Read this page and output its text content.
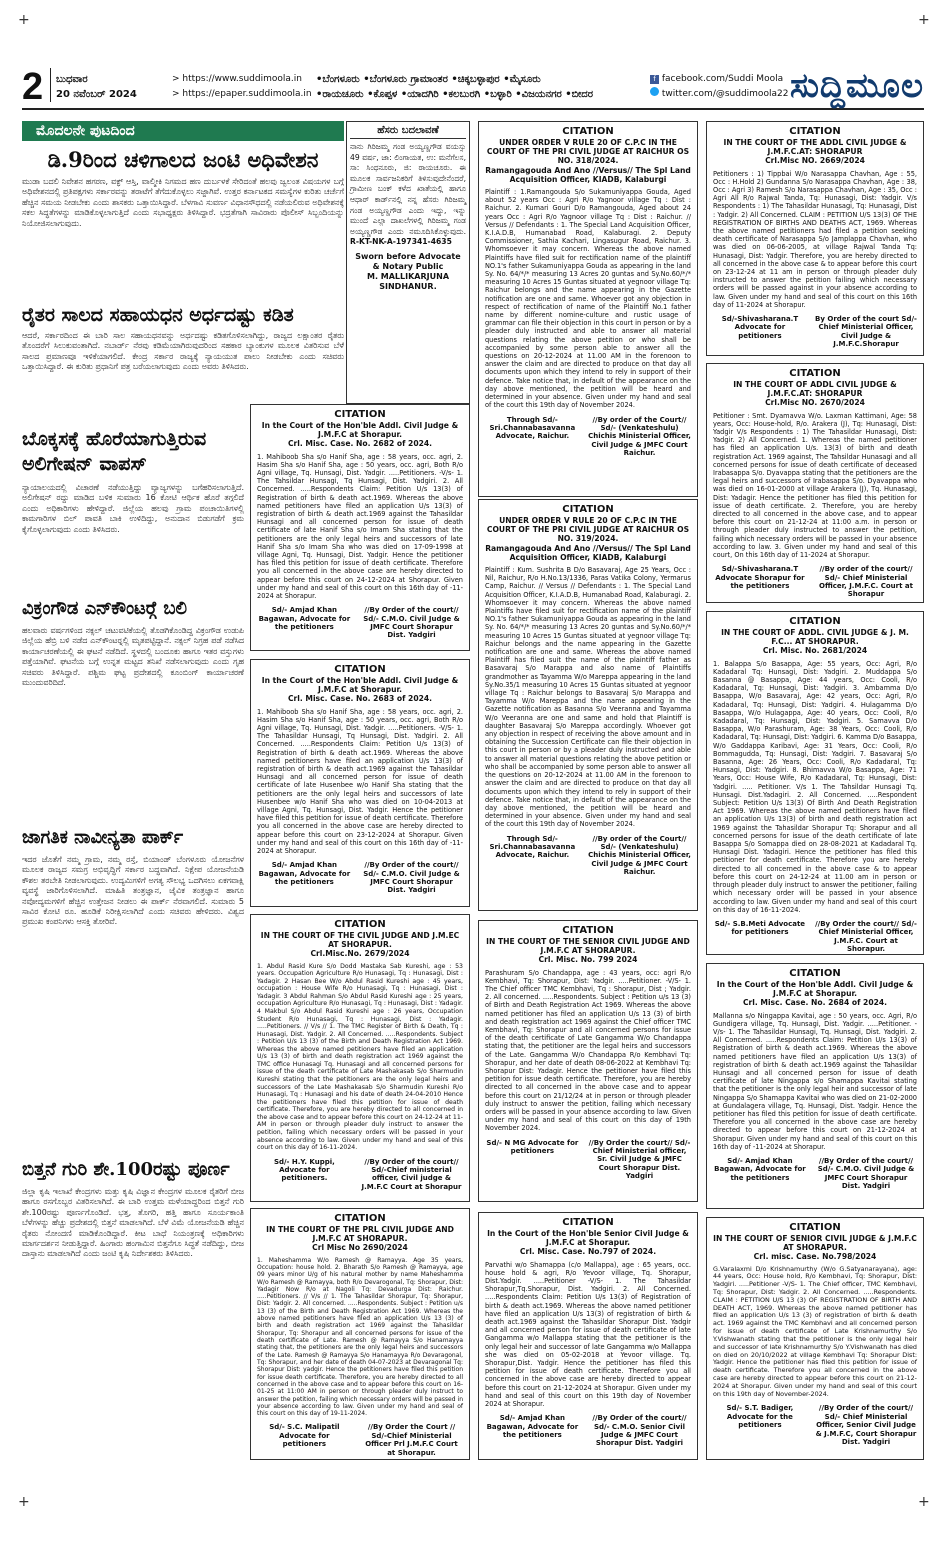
+	+
+	+
2 ಬುಧವಾರ
20 ನವೆಂಬರ್ 2024
> https://www.suddimoola.in
> https://epaper.suddimoola.in
•ಬೆಂಗಳೂರು •ಬೆಂಗಳೂರು ಗ್ರಾಮಾಂತರ •ಚಿಕ್ಕಬಳ್ಳಾಪುರ •ಮೈಸೂರು
•ರಾಯಚೂರು •ಕೊಪ್ಪಳ •ಯಾದಗಿರಿ •ಕಲಬುರಗಿ •ಬಳ್ಳಾರಿ •ವಿಜಯನಗರ •ಬೀದರ
f facebook.com/Suddi Moola
twitter.com/@suddimoola22 ಸುದ್ದಿಮೂಲ
ಮೊದಲನೇ ಪುಟದಿಂದ
ಡಿ.9ರಿಂದ ಚಳಿಗಾಲದ ಜಂಟಿ ಅಧಿವೇಶನ
ಮುಡಾ ಬದಲಿ ನಿವೇಶನ ಹಗರಣ, ವಕ್ಫ್ ಆಸ್ತಿ, ವಾಲ್ಮೀಕಿ ನಿಗಮದ ಹಣ ದುರ್ಬಳಕೆ ಸೇರಿದಂತೆ ಹಲವು ಜ್ವಲಂತ ವಿಷಯಗಳ ಬಗ್ಗೆ ಅಧಿವೇಶನದಲ್ಲಿ ಪ್ರತಿಪಕ್ಷಗಳು ಸರ್ಕಾರವನ್ನು ತರಾಟೆಗೆ ತೆಗೆದುಕೊಳ್ಳಲು ಸಜ್ಜಾಗಿವೆ. ಉತ್ತರ ಕರ್ನಾಟಕದ ಸಮಸ್ಯೆಗಳ ಕುರಿತು ಚರ್ಚೆಗೆ ಹೆಚ್ಚಿನ ಸಮಯ ನೀಡಬೇಕು ಎಂದು ಶಾಸಕರು ಒತ್ತಾಯಿಸಿದ್ದಾರೆ. ಬೆಳಗಾವಿ ಸುವರ್ಣ ವಿಧಾನಸೌಧದಲ್ಲಿ ನಡೆಯಲಿರುವ ಅಧಿವೇಶನಕ್ಕೆ ಸಕಲ ಸಿದ್ಧತೆಗಳನ್ನು ಮಾಡಿಕೊಳ್ಳಲಾಗುತ್ತಿದೆ ಎಂದು ಸಭಾಧ್ಯಕ್ಷರು ತಿಳಿಸಿದ್ದಾರೆ. ಭದ್ರತೆಗಾಗಿ ಸಾವಿರಾರು ಪೊಲೀಸ್ ಸಿಬ್ಬಂದಿಯನ್ನು ನಿಯೋಜಿಸಲಾಗುವುದು.
ರೈತರ ಸಾಲದ ಸಹಾಯಧನ ಅರ್ಧದಷ್ಟು ಕಡಿತ
ಆದರೆ, ಸರ್ಕಾರದಿಂದ ಈ ಬಾರಿ ಸಾಲ ಸಹಾಯಧನವನ್ನು ಅರ್ಧದಷ್ಟು ಕಡಿತಗೊಳಿಸಲಾಗಿದ್ದು, ರಾಜ್ಯದ ಲಕ್ಷಾಂತರ ರೈತರು ತೊಂದರೆಗೆ ಸಿಲುಕುವಂತಾಗಿದೆ. ನಬಾರ್ಡ್ ನೆರವು ಕಡಿಮೆಯಾಗಿರುವುದರಿಂದ ಸಹಕಾರ ಬ್ಯಾಂಕುಗಳ ಮೂಲಕ ವಿತರಿಸುವ ಬೆಳೆ ಸಾಲದ ಪ್ರಮಾಣವೂ ಇಳಿಕೆಯಾಗಲಿದೆ. ಕೇಂದ್ರ ಸರ್ಕಾರ ರಾಜ್ಯಕ್ಕೆ ನ್ಯಾಯಯುತ ಪಾಲು ನೀಡಬೇಕು ಎಂದು ಸಚಿವರು ಒತ್ತಾಯಿಸಿದ್ದಾರೆ. ಈ ಕುರಿತು ಪ್ರಧಾನಿಗೆ ಪತ್ರ ಬರೆಯಲಾಗುವುದು ಎಂದು ಅವರು ತಿಳಿಸಿದರು.
ಬೊಕ್ಕಸಕ್ಕೆ ಹೊರೆಯಾಗುತ್ತಿರುವ ಅಲಿಗೇಷನ್ ವಾಪಸ್
ನ್ಯಾಯಾಲಯದಲ್ಲಿ ವಿಚಾರಣೆ ನಡೆಯುತ್ತಿದ್ದು ವ್ಯಾಜ್ಯಗಳನ್ನು ಬಗೆಹರಿಸಲಾಗುತ್ತಿದೆ. ಅಲಿಗೇಷನ್ ರದ್ದು ಮಾಡಿದ ಬಳಿಕ ಸುಮಾರು 16 ಕೋಟಿ ಆರ್ಥಿಕ ಹೊರೆ ತಗ್ಗಲಿದೆ ಎಂದು ಅಧಿಕಾರಿಗಳು ಹೇಳಿದ್ದಾರೆ. ಜಿಲ್ಲೆಯ ಹಲವು ಗ್ರಾಮ ಪಂಚಾಯಿತಿಗಳಲ್ಲಿ ಕಾಮಗಾರಿಗಳ ಬಿಲ್ ಪಾವತಿ ಬಾಕಿ ಉಳಿದಿದ್ದು, ಅನುದಾನ ಬಿಡುಗಡೆಗೆ ಕ್ರಮ ಕೈಗೊಳ್ಳಲಾಗುವುದು ಎಂದು ತಿಳಿಸಿದರು.
ವಿಕ್ರಂಗೌಡ ಎನ್‍ಕೌಂಟರ್‍ಗೆ ಬಲಿ
ಹಲವಾರು ವರ್ಷಗಳಿಂದ ನಕ್ಸಲ್ ಚಟುವಟಿಕೆಯಲ್ಲಿ ತೊಡಗಿಕೊಂಡಿದ್ದ ವಿಕ್ರಂಗೌಡ ಉಡುಪಿ ಜಿಲ್ಲೆಯ ಹೆಬ್ರಿ ಬಳಿ ನಡೆದ ಎನ್‍ಕೌಂಟರ್‍ನಲ್ಲಿ ಮೃತಪಟ್ಟಿದ್ದಾನೆ. ನಕ್ಸಲ್ ನಿಗ್ರಹ ಪಡೆ ನಡೆಸಿದ ಕಾರ್ಯಾಚರಣೆಯಲ್ಲಿ ಈ ಘಟನೆ ನಡೆದಿದೆ. ಸ್ಥಳದಲ್ಲಿ ಬಂದೂಕು ಹಾಗೂ ಇತರ ವಸ್ತುಗಳು ಪತ್ತೆಯಾಗಿವೆ. ಘಟನೆಯ ಬಗ್ಗೆ ಉನ್ನತ ಮಟ್ಟದ ತನಿಖೆ ನಡೆಸಲಾಗುವುದು ಎಂದು ಗೃಹ ಸಚಿವರು ತಿಳಿಸಿದ್ದಾರೆ. ಪಶ್ಚಿಮ ಘಟ್ಟ ಪ್ರದೇಶದಲ್ಲಿ ಕೂಂಬಿಂಗ್ ಕಾರ್ಯಾಚರಣೆ ಮುಂದುವರಿದಿದೆ.
ಜಾಗತಿಕ ನಾವೀನ್ಯತಾ ಪಾರ್ಕ್
ಇದರ ಜೊತೆಗೆ ನಮ್ಮ ಗ್ರಾಮ, ನಮ್ಮ ರಸ್ತೆ, ಬಿಯಾಂಡ್ ಬೆಂಗಳೂರು ಯೋಜನೆಗಳ ಮೂಲಕ ರಾಜ್ಯದ ಸಮಗ್ರ ಅಭಿವೃದ್ಧಿಗೆ ಸರ್ಕಾರ ಬದ್ಧವಾಗಿದೆ. ನಿಕ್ಷೇಪ ಯೋಜನೆಯಡಿ ಕೌಶಲ ತರಬೇತಿ ನೀಡಲಾಗುವುದು. ಉದ್ಯಮಿಗಳಿಗೆ ಅಗತ್ಯ ಸೌಲಭ್ಯ ಒದಗಿಸಲು ಏಕಗವಾಕ್ಷಿ ವ್ಯವಸ್ಥೆ ಜಾರಿಗೊಳಿಸಲಾಗಿದೆ. ಮಾಹಿತಿ ತಂತ್ರಜ್ಞಾನ, ಜೈವಿಕ ತಂತ್ರಜ್ಞಾನ ಹಾಗೂ ನವೋದ್ಯಮಗಳಿಗೆ ಹೆಚ್ಚಿನ ಉತ್ತೇಜನ ನೀಡಲು ಈ ಪಾರ್ಕ್ ನೆರವಾಗಲಿದೆ. ಸುಮಾರು 5 ಸಾವಿರ ಕೋಟಿ ರೂ. ಹೂಡಿಕೆ ನಿರೀಕ್ಷಿಸಲಾಗಿದೆ ಎಂದು ಸಚಿವರು ಹೇಳಿದರು. ವಿಶ್ವದ ಪ್ರಮುಖ ಕಂಪನಿಗಳು ಆಸಕ್ತಿ ತೋರಿವೆ.
ಬಿತ್ತನೆ ಗುರಿ ಶೇ.100ರಷ್ಟು ಪೂರ್ಣ
ಜಿಲ್ಲಾ ಕೃಷಿ ಇಲಾಖೆ ಕೇಂದ್ರಗಳು ಮತ್ತು ಕೃಷಿ ವಿಜ್ಞಾನ ಕೇಂದ್ರಗಳ ಮೂಲಕ ರೈತರಿಗೆ ಬೀಜ ಹಾಗೂ ರಸಗೊಬ್ಬರ ವಿತರಿಸಲಾಗಿದೆ. ಈ ಬಾರಿ ಉತ್ತಮ ಮಳೆಯಾದ್ದರಿಂದ ಬಿತ್ತನೆ ಗುರಿ ಶೇ.100ರಷ್ಟು ಪೂರ್ಣಗೊಂಡಿದೆ. ಭತ್ತ, ತೊಗರಿ, ಹತ್ತಿ ಹಾಗೂ ಸೂರ್ಯಕಾಂತಿ ಬೆಳೆಗಳನ್ನು ಹೆಚ್ಚು ಪ್ರದೇಶದಲ್ಲಿ ಬಿತ್ತನೆ ಮಾಡಲಾಗಿದೆ. ಬೆಳೆ ವಿಮೆ ಯೋಜನೆಯಡಿ ಹೆಚ್ಚಿನ ರೈತರು ನೋಂದಣಿ ಮಾಡಿಕೊಂಡಿದ್ದಾರೆ. ಕೀಟ ಬಾಧೆ ನಿಯಂತ್ರಣಕ್ಕೆ ಅಧಿಕಾರಿಗಳು ಮಾರ್ಗದರ್ಶನ ನೀಡುತ್ತಿದ್ದಾರೆ. ಹಿಂಗಾರು ಹಂಗಾಮಿನ ಬಿತ್ತನೆಗೂ ಸಿದ್ಧತೆ ನಡೆದಿದ್ದು, ಬೀಜ ದಾಸ್ತಾನು ಮಾಡಲಾಗಿದೆ ಎಂದು ಜಂಟಿ ಕೃಷಿ ನಿರ್ದೇಶಕರು ತಿಳಿಸಿದರು.
ಹೆಸರು ಬದಲಾವಣೆ
ನಾನು ಗಿರಿಜಮ್ಮ ಗಂಡ ಅಯ್ಯಣ್ಣಗೌಡ ವಯಸ್ಸು 49 ವರ್ಷ, ಜಾ: ಲಿಂಗಾಯತ, ಉ: ಮನೆಗೆಲಸ, ಸಾ: ಸಿಂಧನೂರು, ಜಿ: ರಾಯಚೂರು. ಈ ಮೂಲಕ ಸಾರ್ವಜನಿಕರಿಗೆ ತಿಳಿಸುವುದೇನೆಂದರೆ, ಗ್ರಾಮೀಣ ಬಂಕ್ ಕಳೆದ ಖಾತೆಯಲ್ಲಿ ಹಾಗೂ ಆಧಾರ್ ಕಾರ್ಡ್‌ನಲ್ಲಿ ನನ್ನ ಹೆಸರು ಗಿರಿಜಮ್ಮ ಗಂಡ ಅಯ್ಯಣ್ಣಗೌಡ ಎಂದು ಇದ್ದು, ಇನ್ನು ಮುಂದೆ ಎಲ್ಲಾ ದಾಖಲೆಗಳಲ್ಲಿ ಗಿರಿಜಮ್ಮ ಗಂಡ ಅಯ್ಯಣ್ಣಗೌಡ ಎಂದು ನಮೂದಿಸಿಕೊಳ್ಳುವುದು. R-KT-NK-A-197341-4635
Sworn before Advocate
& Notary Public
M. MALLIKARJUNA
SINDHANUR.
CITATION
In the Court of the Hon'ble Addl. Civil Judge & J.M.F.C at Shorapur.
Crl. Misc. Case. No. 2682 of 2024.
1. Mahiboob Sha s/o Hanif Sha, age : 58 years, occ. agri, 2. Hasim Sha s/o Hanif Sha, age : 50 years, occ. agri, Both R/o Agni village, Tq. Hunsagi, Dist. Yadgir. .....Petitioners. -V/s- 1. The Tahsildar Hunsagi, Tq Hunsagi, Dist. Yadgiri. 2. All Concerned. .....Respondents Claim: Petition U/s 13(3) of Registration of birth & death act.1969. Whereas the above named petitioners have filed an application U/s 13(3) of registration of birth & death act.1969 against the Tahasildar Hunsagi and all concerned person for issue of death certificate of late Hanif Sha s/o Imam Sha stating that the petitioners are the only legal heirs and successors of late Hanif Sha s/o Imam Sha who was died on 17-09-1998 at village Agni, Tq. Hunsagi, Dist. Yadgir. Hence the petitioner has filed this petition for issue of death certificate. Therefore you all concerned in the above case are hereby directed to appear before this court on 24-12-2024 at Shorapur. Given under my hand and seal of this court on this 16th day of -11-2024 at Shorapur.
Sd/- Amjad Khan Bagawan, Advocate for the petitioners
//By Order of the court// Sd/- C.M.O. Civil Judge & JMFC Court Shorapur Dist. Yadgiri
CITATION
In the Court of the Hon'ble Addl. Civil Judge & J.M.F.C at Shorapur.
Crl. Misc. Case. No. 2683 of 2024.
1. Mahiboob Sha s/o Hanif Sha, age : 58 years, occ. agri, 2. Hasim Sha s/o Hanif Sha, age : 50 years, occ. agri, Both R/o Agni village, Tq. Hunsagi, Dist. Yadgir. .....Petitioners. -V/S- 1. The Tahasildar Hunsagi, Tq Hunsagi, Dist. Yadgiri. 2. All Concerned. .....Respondents Claim: Petition U/s 13(3) of Registration of birth & death act.1969. Whereas the above named petitioners have filed an application U/s 13(3) of registration of birth & death act.1969 against the Tahasildar Hunsagi and all concerned person for issue of death certificate of late Husenbee w/o Hanif Sha stating that the petitioners are the only legal heirs and successors of late Husenbee w/o Hanif Sha who was died on 10-04-2013 at village Agni, Tq. Hunsagi, Dist. Yadgir. Hence the petitioner have filed this petition for issue of death certificate. Therefore you all concerned in the above case are hereby directed to appear before this court on 23-12-2024 at Shorapur. Given under my hand and seal of this court on this 16th day of -11-2024 at Shorapur.
Sd/- Amjad Khan Bagawan, Advocate for the petitioners
//By Order of the court// Sd/- C.M.O. Civil Judge & JMFC Court Shorapur Dist. Yadgiri
CITATION
IN THE COURT OF THE CIVIL JUDGE AND J.M.EC AT SHORAPUR.
Crl.Misc.No. 2679/2024
1. Abdul Rasid Kure S/o Dodd Mastaka Sab Kureshi, age : 53 years. Occupation Agriculture R/o Hunasagi, Tq : Hunasagi, Dist : Yadagir. 2 Hasan Bee W/o Abdul Rasid Kureshi age : 45 years, occupation : House Wife R/o Hunasagi, Tq : Hunasagi, Dist : Yadagir. 3 Abdul Rahman S/o Abdul Rasid Kureshi age : 25 years, occupation Agriculture R/o Hunasagi, Tq : Hunasagi, Dist : Yadagir. 4 Makbul S/o Abdul Rasid Kureshi age : 26 years, Occupation Student R/o Hunasagi, Tq : Hunasagi, Dist : Yadagir. .....Petitioners. // V/s // 1. The TMC Register of Birth & Death, Tq : Hunasagi, Dist. Yadgir. 2. All Concerned. .....Respondents. Subject : Petition U/s 13 (3) of the Birth and Death Registration Act 1969. Whereas the above named petitioners have filed an application U/s 13 (3) of birth and death registration act 1969 against the TMC office Hunasagi Tq. Hunasagi and all concerned persons for issue of the death certificate of Late Mashakasab S/o Sharmudin Kureshi stating that the petitioners are the only legal heirs and successors of the Late Mashakasab S/o Sharmudin Kureshi R/o Hunasagi, Tq : Hunasagi and his date of death 24-04-2010 Hence the petitioners have filed this petition for issue of death certificate. Therefore, you are hereby directed to all concerned in the above case and to appear before this court on 24-12-24 at 11-AM in person or through pleader duly instruct to answer the petition, failing which necessary orders will be passed in your absence according to law. Given under my hand and seal of this court on this day of 16-11-2024.
Sd/- H.Y. Kuppi, Advocate for petitioners.
//By Order of the court// Sd/-Chief ministerial officer, Civil judge & J.M.F.C Court at Shorapur
CITATION
IN THE COURT OF THE PRL CIVIL JUDGE AND J.M.F.C AT SHORAPUR.
Crl Misc No 2690/2024
1. Maheshamma W/o Ramesh @ Ramayya. Age 35 years, Occupation: house hold. 2. Bharath S/o Ramesh @ Ramayya, age 09 years minor U/g of his natural mother by name Maheshamma W/o Ramesh @ Ramayya, both R/o Devarogonal, Tq: Shorapur, Dist: Yadagir Now R/o at Nagoli Tq: Devadurga Dist: Raichur. .....Petitioners. // V/s // 1. The Tahasildar Shorapur, Tq: Shorapur, Dist: Yadgir. 2. All concerned. .....Respondents. Subject : Petition u/s 13 (3) of the Birth and Death Registration Act 1969. Whereas the above named petitioners have filed an application U/s 13 (3) of birth and death registration act 1969 against the Tahasildar Shorapur, Tq: Shorapur and all concerned persons for issue of the death certificate of Late. Ramesh @ Ramayya S/o Hanamayya stating that, the petitioners are the only legal heirs and successors of the Late. Ramesh @ Ramayya S/o Hanamayya R/o Devaragonal, Tq: Shorapur, and her date of death 04-07-2023 at Devaragonal Tq: Shorapur Dist: yadgir. Hence the petitioners have filed this petition for issue death certificate. Therefore, you are hereby directed to all concerned in the above case and to appear before this court on 16-01-25 at 11:00 AM in person or through pleader duly instruct to answer the petition, failing which necessary orders will be passed in your absence according to law. Given under my hand and seal of this court on this day of 19-11-2024.
Sd/- S.C. Malipatil Advocate for petitioners
//By Order the Court // Sd/-Chief Ministerial Officer Prl J.M.F.C Court at Shorapur.
CITATION
UNDER ORDER V RULE 20 OF C.P.C IN THE COURT OF THE PRI CIVIL JUDGE AT RAICHUR OS NO. 318/2024.
Ramangagouda And Ano //Versus// The Spl Land Acquisition Officer, KIADB, Kalaburgi
Plaintiff : 1.Ramangouda S/o Sukamuniyappa Gouda, Aged about 52 years Occ : Agri R/o Yagnoor village Tq : Dist : Raichur. 2. Kumari Gouri D/o Ramangouda, Aged about 24 years Occ : Agri R/o Yagnoor village Tq : Dist : Raichur. // Versus // Defendants : 1. The Special Land Acquisition Officer, K.I.A.D.B, Humanabad Road, Kalaburagi. 2. Deputy Commissioner, Sathia Kachari, Lingasugur Road, Raichur. 3. Whomsoever it may concern. Whereas the above named Plaintiffs have filed suit for rectification name of the plaintiff NO.1's father Sukamuniyappa Gouda as appearing in the land Sy. No. 64/*/* measuring 13 Acres 20 guntas and Sy.No.60/*/* measuring 10 Acres 15 Guntas situated at yegnoor village Tq: Raichur belongs and the name appearing in the Gazette notification are one and same. Whoever got any objection in respect of rectification of name of the Plaintiff No.1 father name by different nomine-culture and rustic usage of grammar can file their objection in this court in person or by a pleader duly instructed and able to answer all material questions relating the above petition or who shall be accompanied by some person able to answer all the questions on 20-12-2024 at 11.00 AM in the forenoon to answer the claim and are directed to produce on that day all documents upon which they intend to rely in support of their defence. Take notice that, in default of the appearance on the day above mentioned, the petition will be heard and determined in your absence. Given under my hand and seal of the court this 19th day of November 2024.
Through Sd/- Sri.Channabasavanna Advocate, Raichur.
//By order of the Court// Sd/- (Venkateshulu) Chichis Ministerial Officer, Civil Judge & JMFC Court Raichur.
CITATION
UNDER ORDER V RULE 20 OF C.P.C IN THE COURT OF THE PRI CIVIL JUDGE AT RAICHUR OS NO. 319/2024.
Ramangagouda And Ano //Versus// The Spl Land Acquisition Officer, KIADB, Kalaburgi
Plaintiff : Kum. Sushrita B D/o Basavaraj, Age 25 Years, Occ : Nil, Raichur, R/o H.No.13/1336, Paras Vatika Colony, Yermarus Camp, Raichur. // Versus // Defendants : 1. The Special Land Acquisition Officer, K.I.A.D.B, Humanabad Road, Kalaburagi. 2. Whomsoever it may concern. Whereas the above named Plaintiffs have filed suit for rectification name of the plaintiff NO.1's father Sukamuniyappa Gouda as appearing in the land Sy. No. 64/*/* measuring 13 Acres 20 guntas and Sy.No.60/*/* measuring 10 Acres 15 Guntas situated at yegnoor village Tq: Raichur belongs and the name appearing in the Gazette notification are one and same. Whereas the above named Plaintiff has filed suit the name of the plaintiff father as Basavaraj S/o Marappa and also name of Plaintiffs grandmother as Tayamma W/o Mareppa appearing in the land Sy.No.35/1 measuring 10 Acres 15 Guntas situated at yegnoor village Tq : Raichur belongs to Basavaraj S/o Marappa and Tayamma W/o Mareppa and the name appearing in the Gazette notification as Basanna S/o Veeranna and Tayamma W/o Veeranna are one and same and hold that Plaintiff is daughter Basavaraj S/o Mareppa accordingly. Whoever got any objection in respect of receiving the above amount and in obtaining the Succession Certificate can file their objection in this court in person or by a pleader duly instructed and able to answer all material questions relating the above petition or who shall be accompanied by some person able to answer all the questions on 20-12-2024 at 11.00 AM in the forenoon to answer the claim and are directed to produce on that day all documents upon which they intend to rely in support of their defence. Take notice that, in default of the appearance on the day above mentioned, the petition will be heard and determined in your absence. Given under my hand and seal of the court this 19th day of November 2024.
Through Sd/- Sri.Channabasavanna Advocate, Raichur.
//By order of the Court// Sd/- (Venkateshulu) Chichis Ministerial Officer, Civil Judge & JMFC Court Raichur.
CITATION
IN THE COURT OF THE SENIOR CIVIL JUDGE AND J.M.F.C AT SHORAPUR.
Crl. Misc. No. 799 2024
Parashuram S/o Chandappa, age : 43 years, occ: agri R/o Kembhavi, Tq: Shorapur, Dist: Yadgir. .....Petitioner. -V/S- 1. The Chief officer TMC Kembhavi, Tq : Shorapur, Dist ; Yadgir. 2. All concerned. .....Respondents. Subject : Petition u/s 13 (3) of Birth and Death Registration Act 1969. Whereas the above named petitioner has filed an application U/s 13 (3) of birth and death registration act 1969 against the Chief officer TMC Kembhavi, Tq: Shorapur and all concerned persons for issue of the death certificate of Late Gangamma W/o Chandappa stating that, the petitioner are the legal heirs and successors of the Late. Gangamma W/o Chandappa R/o Kembhavi Tq: Shorapur, and her date of death 08-06-2022 at Kembhavi Tq: Shorapur Dist: Yadagir. Hence the petitioner have filed this petition for issue death certificate. Therefore, you are hereby directed to all concerned in the above case and to appear before this court on 21/12/24 at in person or through pleader duly instruct to answer the petition, failing which necessary orders will be passed in your absence according to law. Given under my hand and seal of this court on this day of 19th November 2024.
Sd/- N MG Advocate for petitioners
//By Order the court// Sd/-Chief Ministerial officer, Sr. Civil Judge & JMFC Court Shorapur Dist. Yadgiri
CITATION
In the Court of the Hon'ble Senior Civil Judge & J.M.F.C at Shorapur.
Crl. Misc. Case. No.797 of 2024.
Parvathi w/o Shamappa (c/o Mallappa), age : 65 years, occ. house hold & agri, R/o Yevoor village, Tq. Shorapur, Dist.Yadgir. .....Petitioner -V/S- 1. The Tahasildar Shorapur,Tq.Shorapur, Dist. Yadgiri. 2. All Concerned. .....Respondents Claim: Petition U/s 13(3) of Registration of birth & death act.1969. Whereas the above named petitioner have filed an application U/s 13(3) of registration of birth & death act.1969 against the Tahasildar Shorapur Dist. Yadgir and all concerned person for issue of death certificate of late Gangamma w/o Mallappa stating that the petitioner is the only legal heir and successor of late Gangamma w/o Mallappa she was died on 05-02-2018 at Yevoor village. Tq. Shorapur,Dist. Yadgir. Hence the petitioner has filed this petition for issue of death certificate. Therefore you all concerned in the above case are hereby directed to appear before this court on 21-12-2024 at Shorapur. Given under my hand and seal of this court on this 19th day of November 2024 at Shorapur.
Sd/- Amjad Khan Bagawan, Advocate for the petitioners
//By Order of the court// Sd/- C.M.O. Senior Civil Judge & JMFC Court Shorapur Dist. Yadgiri
CITATION
IN THE COURT OF THE ADDL CIVIL JUDGE & J.M.F.C.AT: SHORAPUR
Crl.Misc NO. 2669/2024
Petitioners : 1) Tippbai W/o Narasappa Chavhan, Age : 55, Occ : H.Hold 2) Gundanna S/o Narasappa Chavhan, Age : 38, Occ : Agri 3) Ramesh S/o Narasappa Chavhan, Age : 35, Occ : Agri All R/o Rajwal Tanda, Tq: Hunasagi, Dist: Yadgir. V/s Respondents : 1) The Tahasildar Hunasagi, Tq: Hunasagi, Dist : Yadgir. 2) All Concerned. CLAIM : PETITION U/S 13(3) OF THE REGISTRATION OF BIRTHS AND DEATHS ACT, 1969. Whereas the above named petitioners had filed a petition seeking death certificate of Narasappa S/o Jamplappa Chavhan, who was died on 06-06-2005, at village Rajwal Tanda Tq: Hunasagi, Dist: Yadgir. Therefore, you are hereby directed to all concerned in the above case & to appear before this court on 23-12-24 at 11 am in person or through pleader duly instructed to answer the petition failing which necessary orders will be passed against in your absence according to law. Given under my hand and seal of this court on this 16th day of 11-2024 at Shorapur.
Sd/-Shivasharana.T Advocate for petitioners
By Order of the court Sd/- Chief Ministerial Officer, Civil Judge & J.M.F.C.Shorapur
CITATION
IN THE COURT OF ADDL CIVIL JUDGE & J.M.F.C.AT: SHORAPUR
Crl.Misc NO. 2670/2024
Petitioner : Smt. Dyamavva W/o. Laxman Kattimani, Age: 58 years, Occ: House-hold, R/o. Arakera (J), Tq: Hunasagi, Dist: Yadgir V/s Respondents : 1) The Tahasildar Hunasagi, Dist: Yadgir. 2) All Concerned. 1. Whereas the named petitioner has filed an application U/s. 13(3) of birth and death registration Act. 1969 against, The Tahsildar Hunasagi and all concerned persons for issue of death certificate of deceased Irabasappa S/o. Dyavappa stating that the petitioners are the legal heirs and successors of Irabasappa S/o. Dyavappa who was died on 16-01-2000 at village Arakera (J), Tq. Hunasagi, Dist: Yadagir. Hence the petitioner has filed this petition for issue of death certificate. 2. Therefore, you are hereby directed to all concerned in the above case, and to appear before this court on 21-12-24 at 11:00 a.m. in person or through pleader duly instructed to answer the petition, failing which necessary orders will be passed in your absence according to law. 3. Given under my hand and seal of this court, On this 16th day of 11-2024 at Shorapur.
Sd/-Shivasharana.T Advocate Shorapur for the petitioners
//By order of the court// Sd/- Chief Ministerial Officer, J.M.F.C. Court at Shorapur
CITATION
IN THE COURT OF ADDL. CIVIL JUDGE & J. M. F.C... AT SHORAPUR.
Crl. Misc. No. 2681/2024
1. Balappa S/o Basappa, Age: 55 years, Occ: Agri, R/o Kadadaral Tq: Hunsagi, Dist: Yadgiri. 2. Muddappa S/o Basanna @ Basappa, Age: 44 years, Occ: Cooli, R/o Kadadaral, Tq: Hunsagi, Dist: Yadgiri. 3. Ambamma D/o Basappa, W/o Basavaraj, Age: 42 years, Occ: Agri, R/o Kadadaral, Tq: Hunsagi, Dist: Yadgiri. 4. Hulagamma D/o Basappa, W/o Hulagappa, Age: 40 years, Occ: Cooli, R/o Kadadaral, Tq: Hunsagi, Dist: Yadgiri. 5. Samavva D/o Basappa, W/o Parashuram, Age: 38 Years, Occ: Cooli, R/o Kadadaral, Tq: Hunsagi, Dist: Yadgiri. 6. Kamma D/o Basappa, W/o Gaddappa Karibavi, Age: 31 Years, Occ: Cooli, R/o Bommagudda, Tq: Hunsagi, Dist: Yadgiri. 7. Basavaraj S/o Basanna, Age: 26 Years, Occ: Cooli, R/o Kadadaral, Tq: Hunsagi, Dist: Yadgiri. 8. Bhimavva W/o Basappa, Age: 71 Years, Occ: House Wife, R/o Kadadaral, Tq: Hunsagi, Dist: Yadgiri. ..... Petitioner. V/s 1. The Tahsildar Hunsagi Tq. Hunsagi. Dist.Yadagiri. 2. All Concerned. .....Respondent Subject: Petition U/s 13(3) Of Birth And Death Registration Act 1969. Whereas the above named petitioners have filed an application U/s 13(3) of birth and death registration act 1969 against the Tahasildar Shorapur Tq: Shorapur and all concerned persons for issue of the death certificate of late Basappa S/o Somappa died on 28-08-2021 at Kadadaral Tq. Hunsagi Dist. Yadagiri. Hence the petitioner has filed this petitioner for death certificate. Therefore you are hereby directed to all concerned in the above case & to appear before this court on 24-12-24 at 11.00 am in person or through pleader duly instruct to answer the petitioner, failing which necessary order will be passed in your absence according to law. Given under my hand and seal of this court on this day of 16-11-2024.
Sd/- S.B.Meti Advocate for petitioners
//By Order the court// Sd/-Chief Ministerial Officer, J.M.F.C. Court at Shorapur.
CITATION
In the Court of the Hon'ble Addl. Civil Judge & J.M.F.C at Shorapur.
Crl. Misc. Case. No. 2684 of 2024.
Mallanna s/o Ningappa Kavitai, age : 50 years, occ. Agri, R/o Gundigera village, Tq. Hunsagi, Dist. Yadgir. .....Petitioner. -V/s- 1. The Tahasildar Hunsagi, Tq. Hunsagi, Dist. Yadgiri. 2. All Concerned. .....Respondents Claim: Petition U/s 13(3) of Registration of birth & death act.1969. Whereas the above named petitioners have filed an application U/s 13(3) of registration of birth & death act.1969 against the Tahasildar Hunsagi and all concerned person for issue of death certificate of late Ningappa s/o Shamappa Kavitai stating that the petitioner is the only legal heir and successor of late Ningappa S/o Shamappa Kavitai who was died on 21-02-2000 at Gundalagera village, Tq. Hunsagi, Dist. Yadgir. Hence the petitioner has filed this petition for issue of death certificate. Therefore you all concerned in the above case are hereby directed to appear before this court on 21-12-2024 at Shorapur. Given under my hand and seal of this court on this 16th day of -11-2024 at Shorapur.
Sd/- Amjad Khan Bagawan, Advocate for the petitioners
//By Order of the court// Sd/- C.M.O. Civil Judge & JMFC Court Shorapur Dist. Yadgiri
CITATION
IN THE COURT OF SENIOR CIVIL JUDGE & J.M.F.C AT SHORAPUR.
Crl. misc. Case. No.798/2024
G.Varalaxmi D/o Krishnamurthy (W/o G.Satyanarayana), age: 44 years, Occ: House hold, R/o Kembhavi, Tq: Shorapur, Dist: Yadgiri. .....Petitioner -V/S- 1. The Chief officer, TMC Kembhavi, Tq: Shorapur, Dist: Yadgir. 2. All Concerned. .....Respondents. CLAIM : PETITION U/S 13 (3) OF REGISTRATION OF BIRTH AND DEATH ACT, 1969. Whereas the above named petitioner has filed an application U/s 13 (3) of registration of birth & death act. 1969 against the TMC Kembhavi and all concerned person for issue of death certificate of Late Krishnamurthy S/o Y.Vishwanath stating that the petitioner is the only legal heir and successor of late Krishnamurthy S/o Y.Vishwanath has died on died on 20/10/2022 at village Kembhavi Tq: Shorapur Dist: Yadgir. Hence the petitioner has filed this petition for issue of death certificate. Therefore you all concerned in the above case are hereby directed to appear before this court on 21-12-2024 at Shorapur. Given under my hand and seal of this court on this 19th day of November-2024.
Sd/- S.T. Badiger, Advocate for the petitioners
//By Order of the court// Sd/- Chief Ministerial Officer, Senior Civil Judge & J.M.F.C, Court Shorapur Dist. Yadgiri
